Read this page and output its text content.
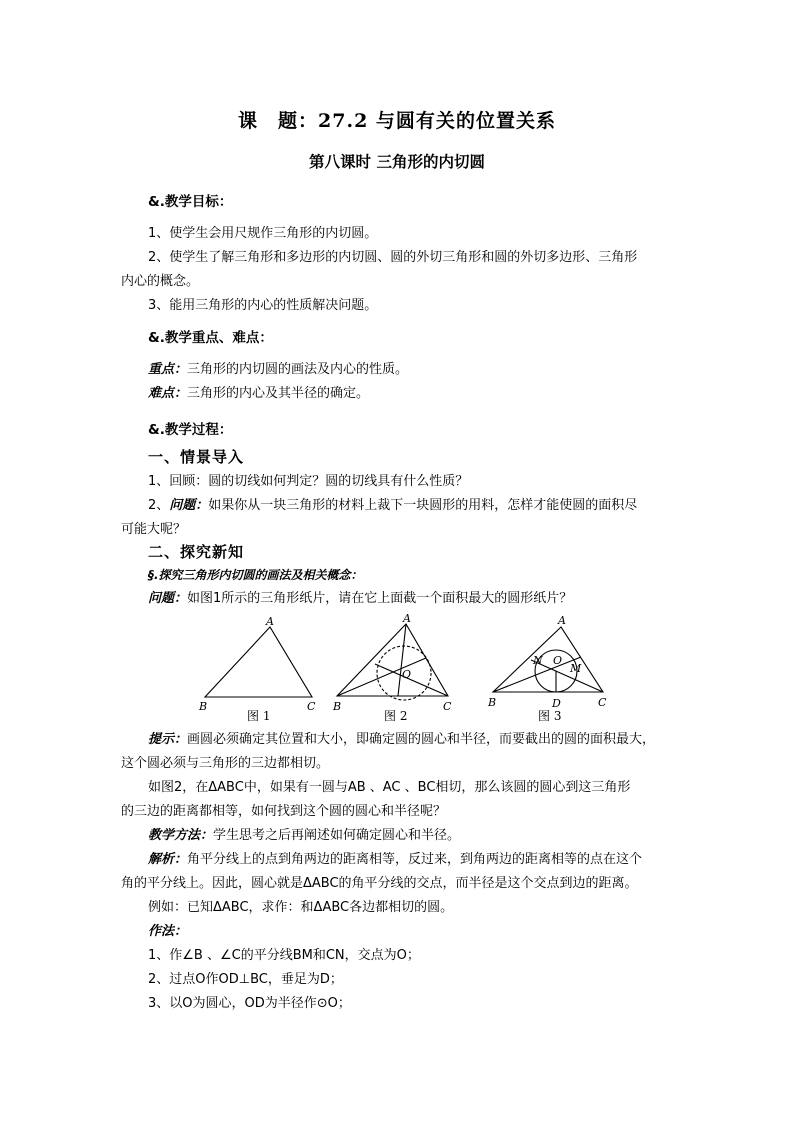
课　题：27.2 与圆有关的位置关系
第八课时 三角形的内切圆
&.教学目标：
1、使学生会用尺规作三角形的内切圆。
2、使学生了解三角形和多边形的内切圆、圆的外切三角形和圆的外切多边形、三角形
内心的概念。
3、能用三角形的内心的性质解决问题。
&.教学重点、难点：
重点：三角形的内切圆的画法及内心的性质。
难点：三角形的内心及其半径的确定。
&.教学过程：
一、情景导入
1、回顾：圆的切线如何判定？圆的切线具有什么性质？
2、问题：如果你从一块三角形的材料上裁下一块圆形的用料，怎样才能使圆的面积尽
可能大呢？
二、探究新知
§.探究三角形内切圆的画法及相关概念：
问题：如图1所示的三角形纸片，请在它上面截一个面积最大的圆形纸片？
A
B	C
A
B	C
O
A
B	C
D
N O
M
图 1	图 2	图 3
提示：画圆必须确定其位置和大小，即确定圆的圆心和半径，而要截出的圆的面积最大，
这个圆必须与三角形的三边都相切。
如图2，在ΔABC中，如果有一圆与AB 、AC 、BC相切，那么该圆的圆心到这三角形
的三边的距离都相等，如何找到这个圆的圆心和半径呢？
教学方法：学生思考之后再阐述如何确定圆心和半径。
解析：角平分线上的点到角两边的距离相等，反过来，到角两边的距离相等的点在这个
角的平分线上。因此，圆心就是ΔABC的角平分线的交点，而半径是这个交点到边的距离。
例如：已知ΔABC，求作：和ΔABC各边都相切的圆。
作法：
1、作∠B 、∠C的平分线BM和CN，交点为O；
2、过点O作OD⊥BC，垂足为D；
3、以O为圆心，OD为半径作⊙O；
